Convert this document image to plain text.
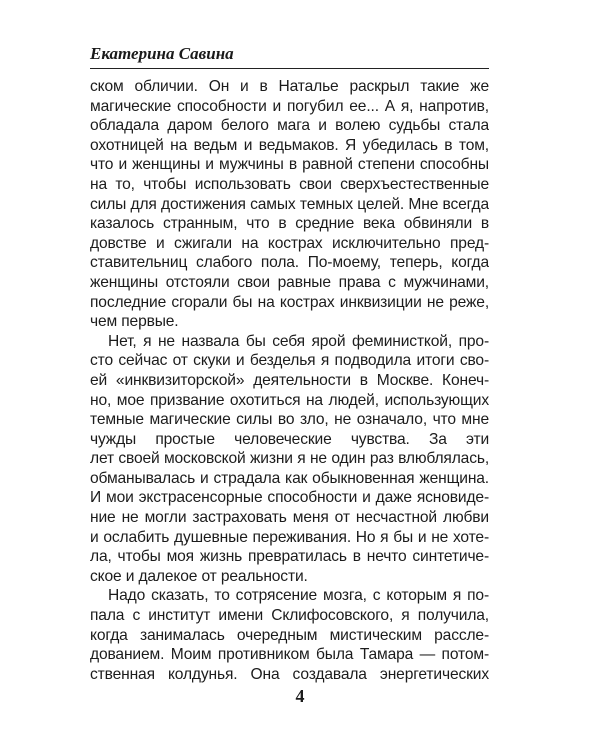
Екатерина Савина
ском обличии. Он и в Наталье раскрыл такие же
магические способности и погубил ее... А я, напротив,
обладала даром белого мага и волею судьбы стала
охотницей на ведьм и ведьмаков. Я убедилась в том,
что и женщины и мужчины в равной степени способны
на то, чтобы использовать свои сверхъестественные
силы для достижения самых темных целей. Мне всегда
казалось странным, что в средние века обвиняли в
довстве и сжигали на кострах исключительно пред-
ставительниц слабого пола. По-моему, теперь, когда
женщины отстояли свои равные права с мужчинами,
последние сгорали бы на кострах инквизиции не реже,
чем первые.
Нет, я не назвала бы себя ярой феминисткой, про-
сто сейчас от скуки и безделья я подводила итоги сво-
ей «инквизиторской» деятельности в Москве. Конеч-
но, мое призвание охотиться на людей, использующих
темные магические силы во зло, не означало, что мне
чужды простые человеческие чувства. За эти
лет своей московской жизни я не один раз влюблялась,
обманывалась и страдала как обыкновенная женщина.
И мои экстрасенсорные способности и даже ясновиде-
ние не могли застраховать меня от несчастной любви
и ослабить душевные переживания. Но я бы и не хоте-
ла, чтобы моя жизнь превратилась в нечто синтетиче-
ское и далекое от реальности.
Надо сказать, то сотрясение мозга, с которым я по-
пала с институт имени Склифосовского, я получила,
когда занималась очередным мистическим рассле-
дованием. Моим противником была Тамара — потом-
ственная колдунья. Она создавала энергетических
4
